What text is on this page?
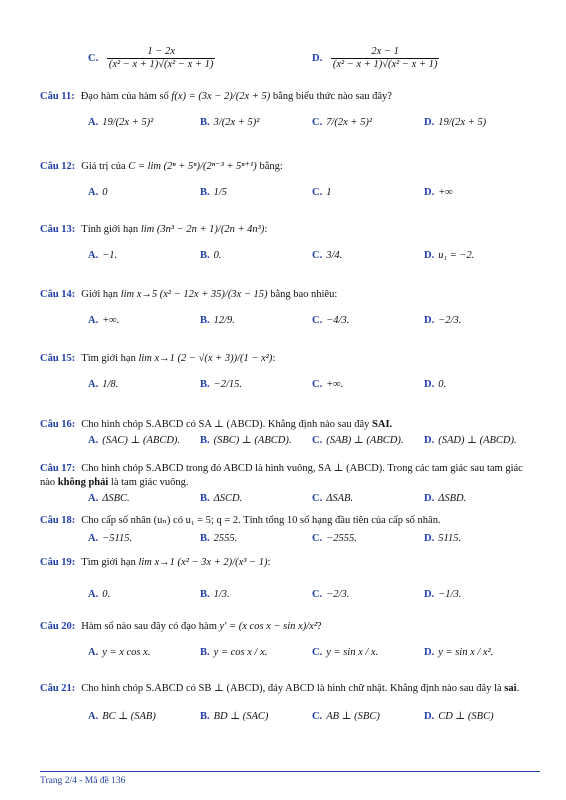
C. $\frac{1 - 2x}{\text{(x² − x + 1)√(x² − x + 1)}}$	D. $\frac{2x - 1}{\text{(x² − x + 1)√(x² − x + 1)}}$
Câu 11: Đạo hàm của hàm số f(x) = (3x − 2)/(2x + 5) bằng biểu thức nào sau đây?
A. 19/(2x + 5)²	B. 3/(2x + 5)²	C. 7/(2x + 5)²	D. 19/(2x + 5)
Câu 12: Giá trị của C = lim (2ⁿ + 5ⁿ)/(2ⁿ⁻³ + 5ⁿ⁺¹) bằng:
A. 0	B. 1/5	C. 1	D. +∞
Câu 13: Tính giới hạn lim (3n³ − 2n + 1)/(2n + 4n³):
A. −1.	B. 0.	C. 3/4.	D. u₁ = −2.
Câu 14: Giới hạn lim x→5 (x² − 12x + 35)/(3x − 15) bằng bao nhiêu:
A. +∞.	B. 12/9.	C. −4/3.	D. −2/3.
Câu 15: Tìm giới hạn lim x→1 (2 − √(x + 3))/(1 − x²):
A. 1/8.	B. −2/15.	C. +∞.	D. 0.
Câu 16: Cho hình chóp S.ABCD có SA ⊥ (ABCD). Khẳng định nào sau đây SAI.
A. (SAC) ⊥ (ABCD). B. (SBC) ⊥ (ABCD). C. (SAB) ⊥ (ABCD). D. (SAD) ⊥ (ABCD).
Câu 17: Cho hình chóp S.ABCD trong đó ABCD là hình vuông, SA ⊥ (ABCD). Trong các tam giác sau tam giác nào không phải là tam giác vuông.
A. ΔSBC.	B. ΔSCD.	C. ΔSAB.	D. ΔSBD.
Câu 18: Cho cấp số nhân (uₙ) có u₁ = 5; q = 2. Tính tổng 10 số hạng đầu tiên của cấp số nhân.
A. −5115.	B. 2555.	C. −2555.	D. 5115.
Câu 19: Tìm giới hạn lim x→1 (x² − 3x + 2)/(x³ − 1):
A. 0.	B. 1/3.	C. −2/3.	D. −1/3.
Câu 20: Hàm số nào sau đây có đạo hàm y' = (x cos x − sin x)/x²?
A. y = x cos x.	B. y = cos x / x.	C. y = sin x / x.	D. y = sin x / x².
Câu 21: Cho hình chóp S.ABCD có SB ⊥ (ABCD), đáy ABCD là hình chữ nhật. Khẳng định nào sau đây là sai.
A. BC ⊥ (SAB)	B. BD ⊥ (SAC)	C. AB ⊥ (SBC)	D. CD ⊥ (SBC)
Trang 2/4 - Mã đề 136
